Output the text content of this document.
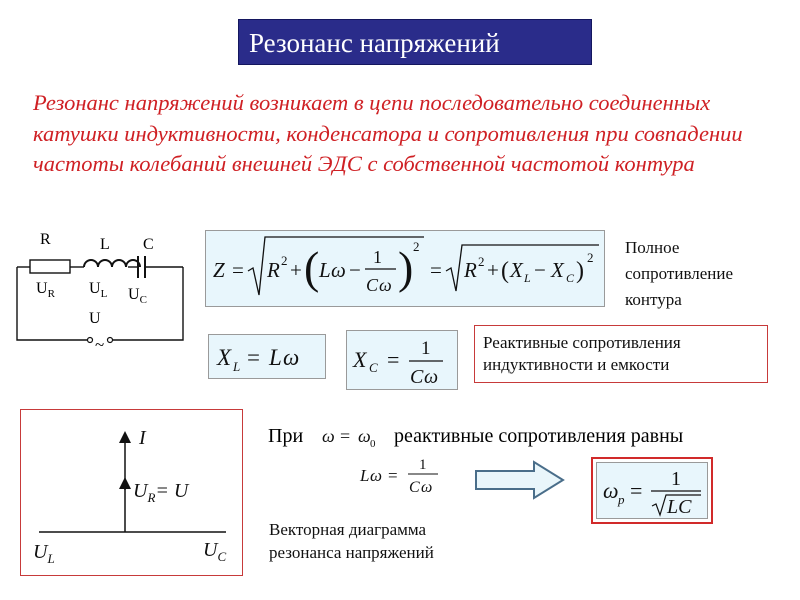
Резонанс напряжений
Резонанс напряжений возникает в цепи последовательно соединенных катушки индуктивности, конденсатора и сопротивления при совпадении частоты колебаний внешней ЭДС с собственной частотой контура
R	L C
$U_R$ $U_L$ $U_C$
U
~
Z = R 2 + ( L ω −
1
C ω ) 2
= R 2 + ( X L − X C )
2
Полное
сопротивление
контура
X L = L ω X C = 1
C ω
Реактивные сопротивления
индуктивности и емкости
I
$U_R= U$
$U_L$	$U_C$
При ω = ω 0 реактивные сопротивления равны
L ω =
1
C ω	ω p = 1
LC
Векторная диаграмма
резонанса напряжений
